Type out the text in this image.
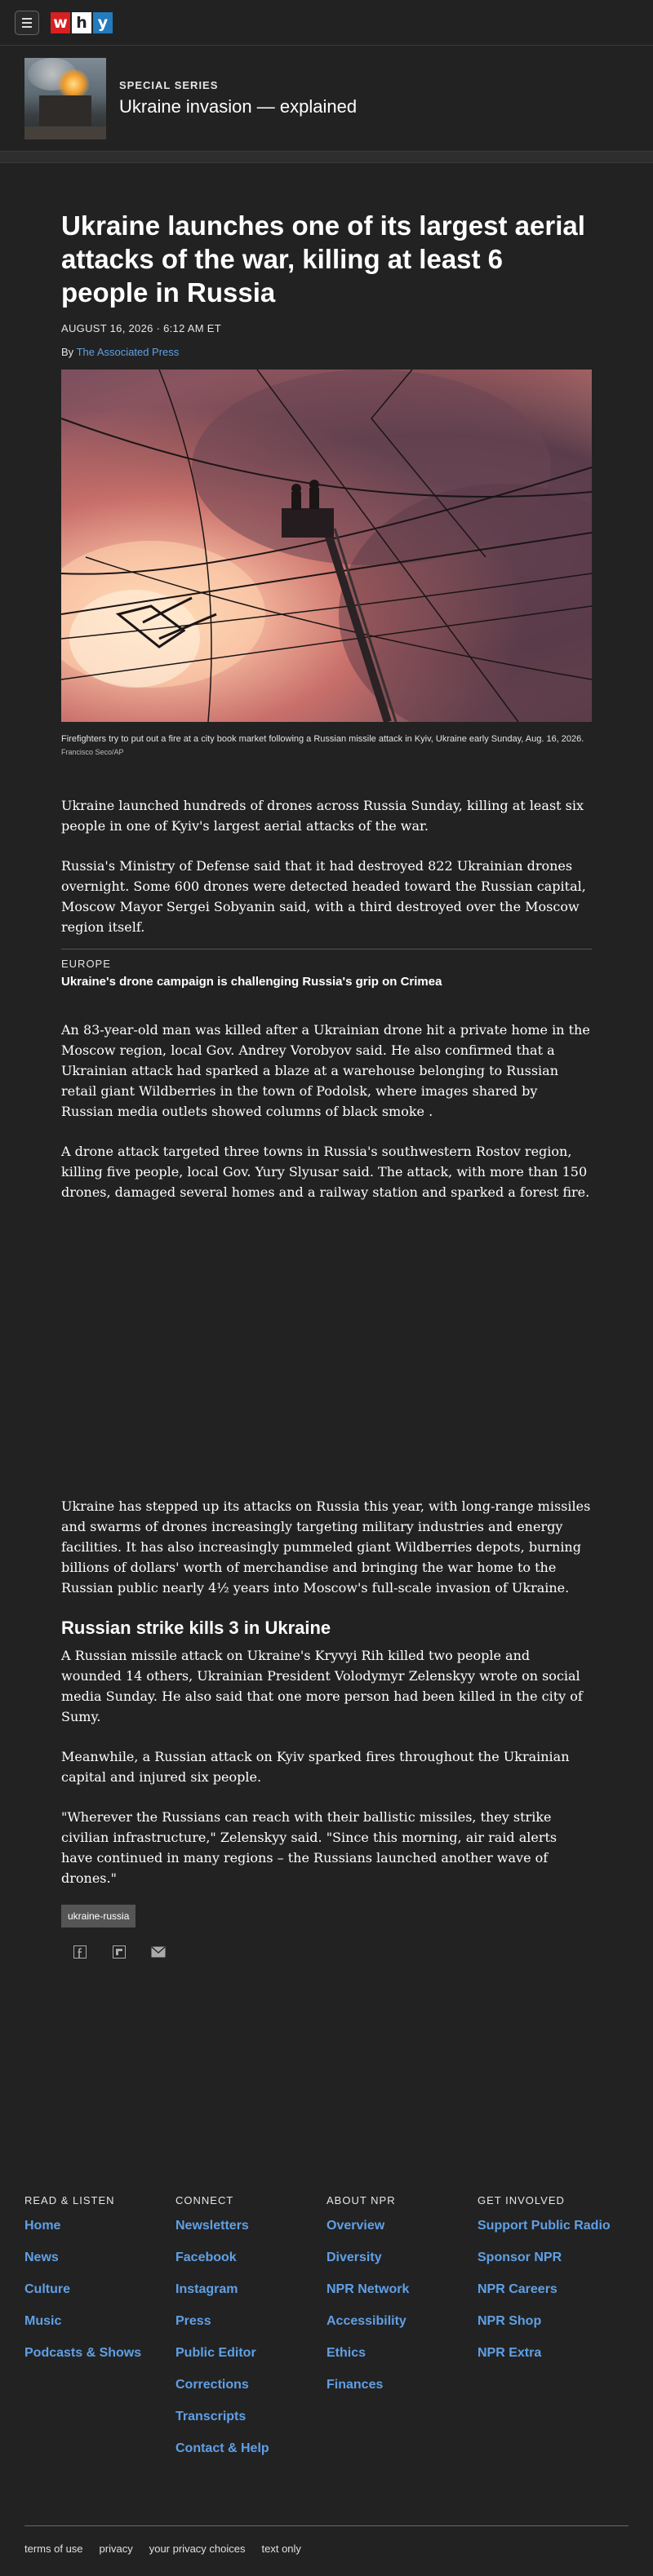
w h y
SPECIAL SERIES
Ukraine invasion — explained
Ukraine launches one of its largest aerial attacks of the war, killing at least 6 people in Russia
AUGUST 16, 2026 · 6:12 AM ET
By The Associated Press
Firefighters try to put out a fire at a city book market following a Russian missile attack in Kyiv, Ukraine early Sunday, Aug. 16, 2026.
Francisco Seco/AP

Ukraine launched hundreds of drones across Russia Sunday, killing at least six people in one of Kyiv's largest aerial attacks of the war.

Russia's Ministry of Defense said that it had destroyed 822 Ukrainian drones overnight. Some 600 drones were detected headed toward the Russian capital, Moscow Mayor Sergei Sobyanin said, with a third destroyed over the Moscow region itself.

EUROPE
Ukraine's drone campaign is challenging Russia's grip on Crimea

An 83-year-old man was killed after a Ukrainian drone hit a private home in the Moscow region, local Gov. Andrey Vorobyov said. He also confirmed that a Ukrainian attack had sparked a blaze at a warehouse belonging to Russian retail giant Wildberries in the town of Podolsk, where images shared by Russian media outlets showed columns of black smoke .

A drone attack targeted three towns in Russia's southwestern Rostov region, killing five people, local Gov. Yury Slyusar said. The attack, with more than 150 drones, damaged several homes and a railway station and sparked a forest fire.

Ukraine has stepped up its attacks on Russia this year, with long-range missiles and swarms of drones increasingly targeting military industries and energy facilities. It has also increasingly pummeled giant Wildberries depots, burning billions of dollars' worth of merchandise and bringing the war home to the Russian public nearly 4½ years into Moscow's full-scale invasion of Ukraine.

Russian strike kills 3 in Ukraine

A Russian missile attack on Ukraine's Kryvyi Rih killed two people and wounded 14 others, Ukrainian President Volodymyr Zelenskyy wrote on social media Sunday. He also said that one more person had been killed in the city of Sumy.

Meanwhile, a Russian attack on Kyiv sparked fires throughout the Ukrainian capital and injured six people.

"Wherever the Russians can reach with their ballistic missiles, they strike civilian infrastructure," Zelenskyy said. "Since this morning, air raid alerts have continued in many regions – the Russians launched another wave of drones."

ukraine-russia
READ & LISTEN
Home
News
Culture
Music
Podcasts & Shows
CONNECT
Newsletters
Facebook
Instagram
Press
Public Editor
Corrections
Transcripts
Contact & Help
ABOUT NPR
Overview
Diversity
NPR Network
Accessibility
Ethics
Finances
GET INVOLVED
Support Public Radio
Sponsor NPR
NPR Careers
NPR Shop
NPR Extra
terms of use privacy your privacy choices text only
